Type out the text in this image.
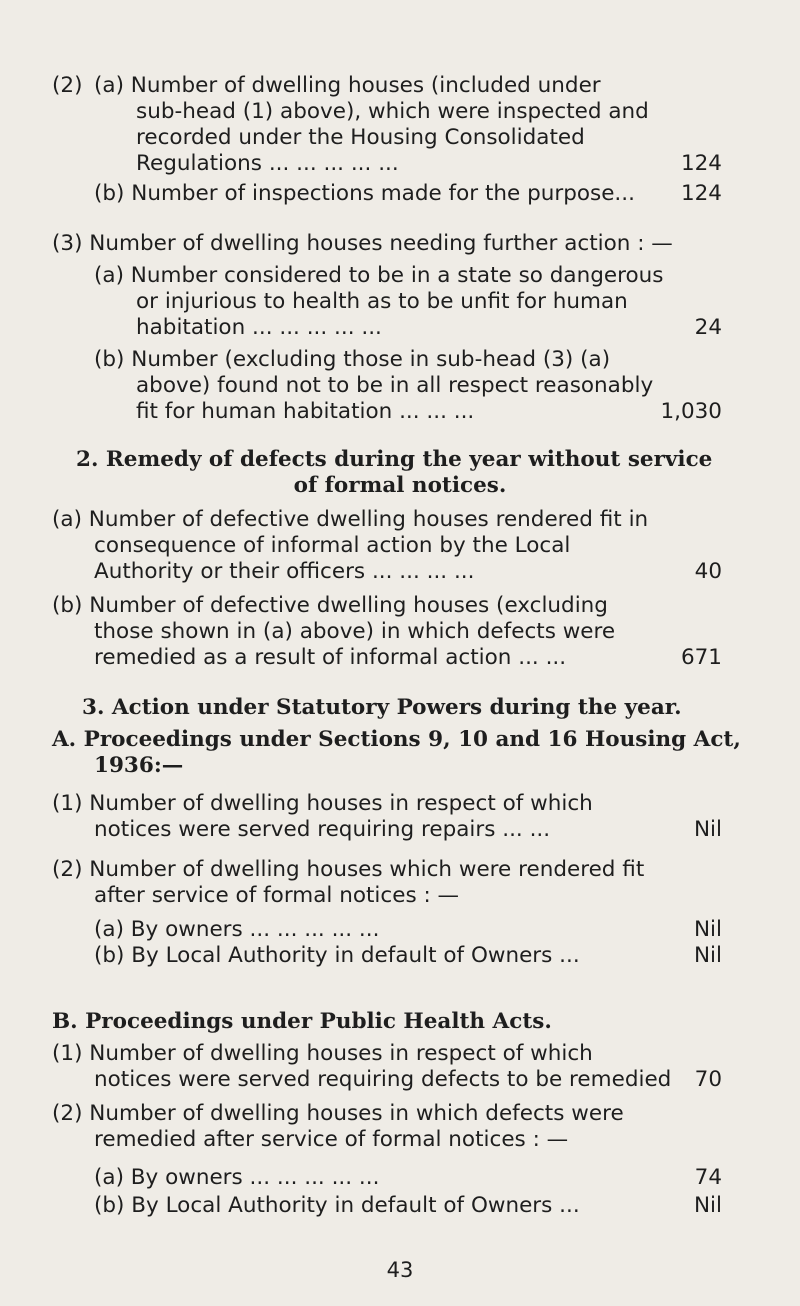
(2) (a) Number of dwelling houses (included under
sub-head (1) above), which were inspected and
recorded under the Housing Consolidated
Regulations ... ... ... ... ...	124
(b) Number of inspections made for the purpose...	124
(3) Number of dwelling houses needing further action : —
(a) Number considered to be in a state so dangerous
or injurious to health as to be unfit for human
habitation ... ... ... ... ...	24
(b) Number (excluding those in sub-head (3) (a)
above) found not to be in all respect reasonably
fit for human habitation ... ... ...	1,030
2. Remedy of defects during the year without service
of formal notices.
(a) Number of defective dwelling houses rendered fit in
consequence of informal action by the Local
Authority or their officers ... ... ... ...	40
(b) Number of defective dwelling houses (excluding
those shown in (a) above) in which defects were
remedied as a result of informal action ... ...	671
3. Action under Statutory Powers during the year.
A. Proceedings under Sections 9, 10 and 16 Housing Act,
1936:—
(1) Number of dwelling houses in respect of which
notices were served requiring repairs ... ...	Nil
(2) Number of dwelling houses which were rendered fit
after service of formal notices : —
(a) By owners ... ... ... ... ...	Nil
(b) By Local Authority in default of Owners ...	Nil
B. Proceedings under Public Health Acts.
(1) Number of dwelling houses in respect of which
notices were served requiring defects to be remedied	70
(2) Number of dwelling houses in which defects were
remedied after service of formal notices : —
(a) By owners ... ... ... ... ...	74
(b) By Local Authority in default of Owners ...	Nil
43
